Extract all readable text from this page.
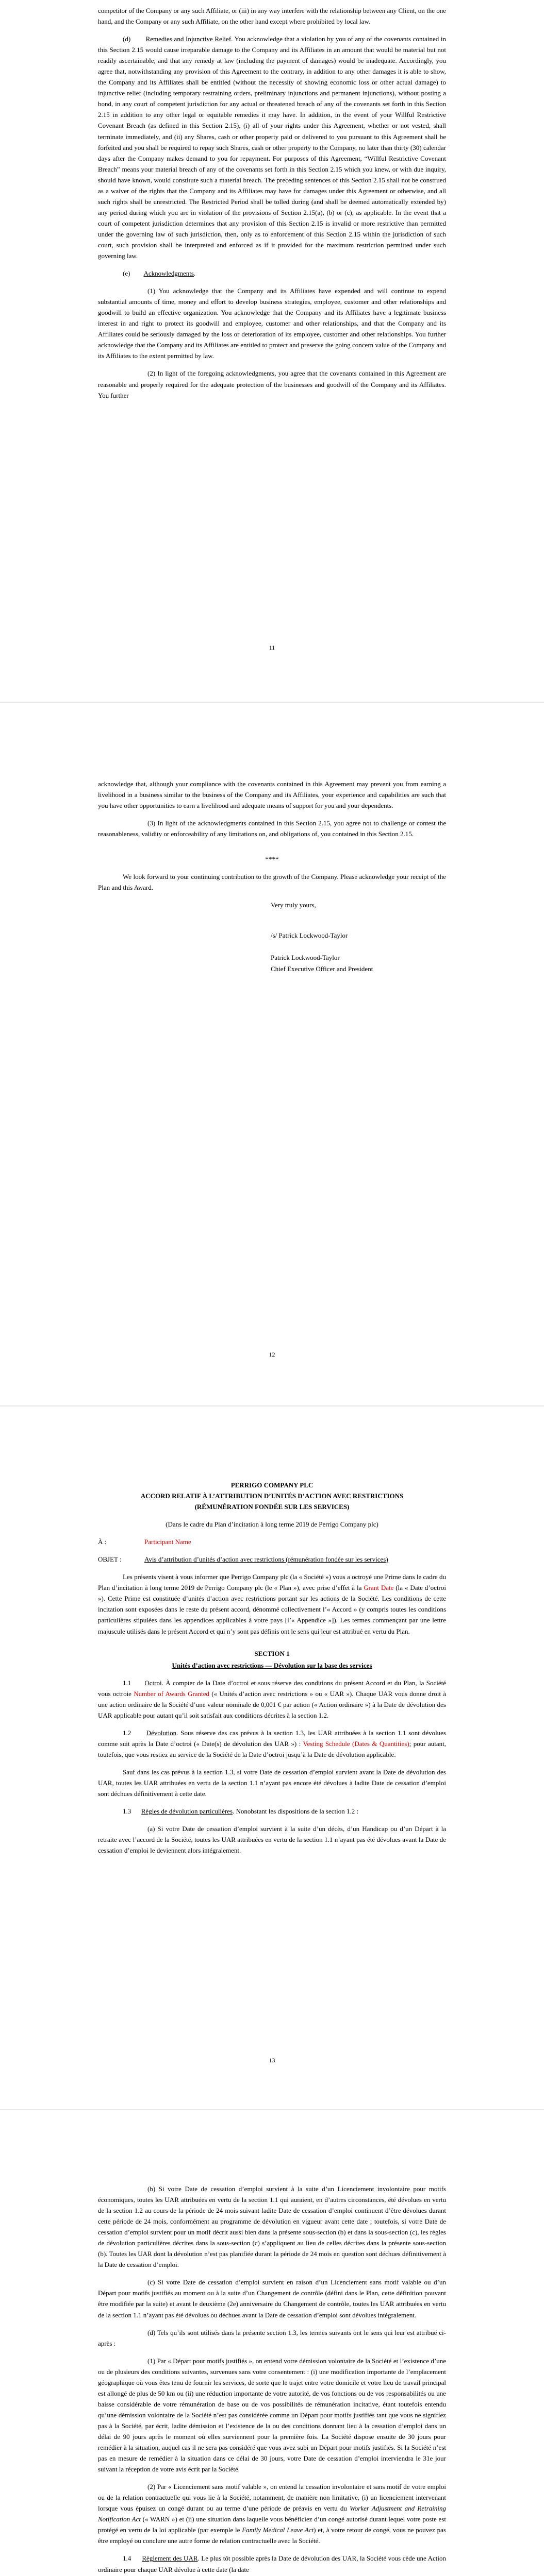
competitor of the Company or any such Affiliate, or (iii) in any way interfere with the relationship between any Client, on the one hand, and the Company or any such Affiliate, on the other hand except where prohibited by local law.

(d) Remedies and Injunctive Relief. You acknowledge that a violation by you of any of the covenants contained in this Section 2.15 would cause irreparable damage to the Company and its Affiliates in an amount that would be material but not readily ascertainable, and that any remedy at law (including the payment of damages) would be inadequate. Accordingly, you agree that, notwithstanding any provision of this Agreement to the contrary, in addition to any other damages it is able to show, the Company and its Affiliates shall be entitled (without the necessity of showing economic loss or other actual damage) to injunctive relief (including temporary restraining orders, preliminary injunctions and permanent injunctions), without posting a bond, in any court of competent jurisdiction for any actual or threatened breach of any of the covenants set forth in this Section 2.15 in addition to any other legal or equitable remedies it may have. In addition, in the event of your Willful Restrictive Covenant Breach (as defined in this Section 2.15), (i) all of your rights under this Agreement, whether or not vested, shall terminate immediately, and (ii) any Shares, cash or other property paid or delivered to you pursuant to this Agreement shall be forfeited and you shall be required to repay such Shares, cash or other property to the Company, no later than thirty (30) calendar days after the Company makes demand to you for repayment. For purposes of this Agreement, “Willful Restrictive Covenant Breach” means your material breach of any of the covenants set forth in this Section 2.15 which you knew, or with due inquiry, should have known, would constitute such a material breach. The preceding sentences of this Section 2.15 shall not be construed as a waiver of the rights that the Company and its Affiliates may have for damages under this Agreement or otherwise, and all such rights shall be unrestricted. The Restricted Period shall be tolled during (and shall be deemed automatically extended by) any period during which you are in violation of the provisions of Section 2.15(a), (b) or (c), as applicable. In the event that a court of competent jurisdiction determines that any provision of this Section 2.15 is invalid or more restrictive than permitted under the governing law of such jurisdiction, then, only as to enforcement of this Section 2.15 within the jurisdiction of such court, such provision shall be interpreted and enforced as if it provided for the maximum restriction permitted under such governing law.

(e) Acknowledgments.

(1) You acknowledge that the Company and its Affiliates have expended and will continue to expend substantial amounts of time, money and effort to develop business strategies, employee, customer and other relationships and goodwill to build an effective organization. You acknowledge that the Company and its Affiliates have a legitimate business interest in and right to protect its goodwill and employee, customer and other relationships, and that the Company and its Affiliates could be seriously damaged by the loss or deterioration of its employee, customer and other relationships. You further acknowledge that the Company and its Affiliates are entitled to protect and preserve the going concern value of the Company and its Affiliates to the extent permitted by law.

(2) In light of the foregoing acknowledgments, you agree that the covenants contained in this Agreement are reasonable and properly required for the adequate protection of the businesses and goodwill of the Company and its Affiliates. You further

11

acknowledge that, although your compliance with the covenants contained in this Agreement may prevent you from earning a livelihood in a business similar to the business of the Company and its Affiliates, your experience and capabilities are such that you have other opportunities to earn a livelihood and adequate means of support for you and your dependents.

(3) In light of the acknowledgments contained in this Section 2.15, you agree not to challenge or contest the reasonableness, validity or enforceability of any limitations on, and obligations of, you contained in this Section 2.15.

****

We look forward to your continuing contribution to the growth of the Company. Please acknowledge your receipt of the Plan and this Award.

Very truly yours,

/s/ Patrick Lockwood-Taylor

Patrick Lockwood-Taylor

Chief Executive Officer and President

12

PERRIGO COMPANY PLC

ACCORD RELATIF À L’ATTRIBUTION D’UNITÉS D’ACTION AVEC RESTRICTIONS

(RÉMUNÉRATION FONDÉE SUR LES SERVICES)

(Dans le cadre du Plan d’incitation à long terme 2019 de Perrigo Company plc)

À :	Participant Name
OBJET :	Avis d’attribution d’unités d’action avec restrictions (rémunération fondée sur les services)

Les présents visent à vous informer que Perrigo Company plc (la « Société ») vous a octroyé une Prime dans le cadre du Plan d’incitation à long terme 2019 de Perrigo Company plc (le « Plan »), avec prise d’effet à la Grant Date (la « Date d’octroi »). Cette Prime est constituée d’unités d’action avec restrictions portant sur les actions de la Société. Les conditions de cette incitation sont exposées dans le reste du présent accord, dénommé collectivement l’« Accord » (y compris toutes les conditions particulières stipulées dans les appendices applicables à votre pays [l’« Appendice »]). Les termes commençant par une lettre majuscule utilisés dans le présent Accord et qui n’y sont pas définis ont le sens qui leur est attribué en vertu du Plan.

SECTION 1

Unités d’action avec restrictions — Dévolution sur la base des services

1.1 Octroi. À compter de la Date d’octroi et sous réserve des conditions du présent Accord et du Plan, la Société vous octroie Number of Awards Granted (« Unités d’action avec restrictions » ou « UAR »). Chaque UAR vous donne droit à une action ordinaire de la Société d’une valeur nominale de 0,001 € par action (« Action ordinaire ») à la Date de dévolution des UAR applicable pour autant qu’il soit satisfait aux conditions décrites à la section 1.2.

1.2 Dévolution. Sous réserve des cas prévus à la section 1.3, les UAR attribuées à la section 1.1 sont dévolues comme suit après la Date d’octroi (« Date(s) de dévolution des UAR ») : Vesting Schedule (Dates & Quantities); pour autant, toutefois, que vous restiez au service de la Société de la Date d’octroi jusqu’à la Date de dévolution applicable.

Sauf dans les cas prévus à la section 1.3, si votre Date de cessation d’emploi survient avant la Date de dévolution des UAR, toutes les UAR attribuées en vertu de la section 1.1 n’ayant pas encore été dévolues à ladite Date de cessation d’emploi sont déchues définitivement à cette date.

1.3 Règles de dévolution particulières. Nonobstant les dispositions de la section 1.2 :

(a) Si votre Date de cessation d’emploi survient à la suite d’un décès, d’un Handicap ou d’un Départ à la retraite avec l’accord de la Société, toutes les UAR attribuées en vertu de la section 1.1 n’ayant pas été dévolues avant la Date de cessation d’emploi le deviennent alors intégralement.

13

(b) Si votre Date de cessation d’emploi survient à la suite d’un Licenciement involontaire pour motifs économiques, toutes les UAR attribuées en vertu de la section 1.1 qui auraient, en d’autres circonstances, été dévolues en vertu de la section 1.2 au cours de la période de 24 mois suivant ladite Date de cessation d’emploi continuent d’être dévolues durant cette période de 24 mois, conformément au programme de dévolution en vigueur avant cette date ; toutefois, si votre Date de cessation d’emploi survient pour un motif décrit aussi bien dans la présente sous-section (b) et dans la sous-section (c), les règles de dévolution particulières décrites dans la sous-section (c) s’appliquent au lieu de celles décrites dans la présente sous-section (b). Toutes les UAR dont la dévolution n’est pas planifiée durant la période de 24 mois en question sont déchues définitivement à la Date de cessation d’emploi.

(c) Si votre Date de cessation d’emploi survient en raison d’un Licenciement sans motif valable ou d’un Départ pour motifs justifiés au moment ou à la suite d’un Changement de contrôle (défini dans le Plan, cette définition pouvant être modifiée par la suite) et avant le deuxième (2e) anniversaire du Changement de contrôle, toutes les UAR attribuées en vertu de la section 1.1 n’ayant pas été dévolues ou déchues avant la Date de cessation d’emploi sont dévolues intégralement.

(d) Tels qu’ils sont utilisés dans la présente section 1.3, les termes suivants ont le sens qui leur est attribué ci-après :

(1) Par « Départ pour motifs justifiés », on entend votre démission volontaire de la Société et l’existence d’une ou de plusieurs des conditions suivantes, survenues sans votre consentement : (i) une modification importante de l’emplacement géographique où vous êtes tenu de fournir les services, de sorte que le trajet entre votre domicile et votre lieu de travail principal est allongé de plus de 50 km ou (ii) une réduction importante de votre autorité, de vos fonctions ou de vos responsabilités ou une baisse considérable de votre rémunération de base ou de vos possibilités de rémunération incitative, étant toutefois entendu qu’une démission volontaire de la Société n’est pas considérée comme un Départ pour motifs justifiés tant que vous ne signifiez pas à la Société, par écrit, ladite démission et l’existence de la ou des conditions donnant lieu à la cessation d’emploi dans un délai de 90 jours après le moment où elles surviennent pour la première fois. La Société dispose ensuite de 30 jours pour remédier à la situation, auquel cas il ne sera pas considéré que vous avez subi un Départ pour motifs justifiés. Si la Société n’est pas en mesure de remédier à la situation dans ce délai de 30 jours, votre Date de cessation d’emploi interviendra le 31e jour suivant la réception de votre avis écrit par la Société.

(2) Par « Licenciement sans motif valable », on entend la cessation involontaire et sans motif de votre emploi ou de la relation contractuelle qui vous lie à la Société, notamment, de manière non limitative, (i) un licenciement intervenant lorsque vous épuisez un congé durant ou au terme d’une période de préavis en vertu du Worker Adjustment and Retraining Notification Act (« WARN ») et (ii) une situation dans laquelle vous bénéficiez d’un congé autorisé durant lequel votre poste est protégé en vertu de la loi applicable (par exemple le Family Medical Leave Act) et, à votre retour de congé, vous ne pouvez pas être employé ou conclure une autre forme de relation contractuelle avec la Société.

1.4 Règlement des UAR. Le plus tôt possible après la Date de dévolution des UAR, la Société vous cède une Action ordinaire pour chaque UAR dévolue à cette date (la date
